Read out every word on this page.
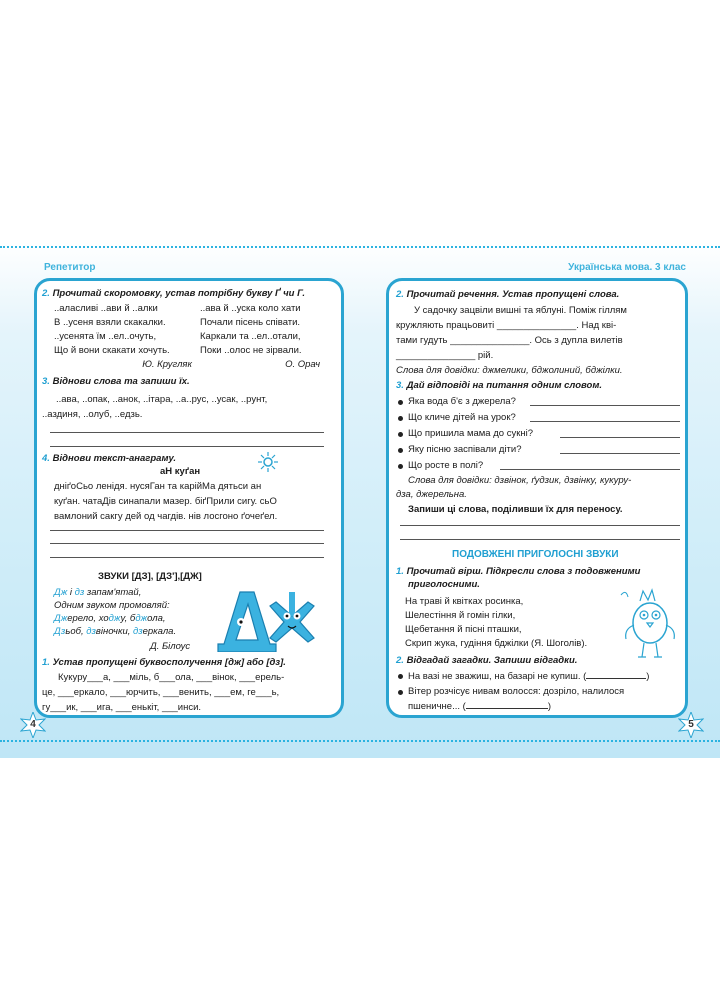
Репетитор	Українська мова. 3 клас
2. Прочитай скоромовку, устав потрібну букву Ґ чи Г.
..аласливі ..ави й ..алки
В ..усеня взяли скакалки.
..усенята їм ..ел..очуть,
Що й вони скакати хочуть.
Ю. Кругляк
..ава й ..уска коло хати
Почали пісень співати.
Каркали та ..ел..отали,
Поки ..олос не зірвали.
О. Орач
3. Віднови слова та запиши їх.
..ава, ..опак, ..анок, ..ітара, ..а..рус, ..усак, ..рунт,
..аздиня, ..олуб, ..едзь.
4. Віднови текст-анаграму.
аН куґан
дніґоСьо ленідя. нусяГан та карійМа дятьси ан
куґан. чатаДів синапали мазер. біґПрили сигу. сьО
вамлоний сакгу дей од чагдів. нів лосгоно ґочеґел.
ЗВУКИ [ДЗ], [ДЗ'],[ДЖ]
Дж і дз запам'ятай,
Одним звуком промовляй:
Джерело, ходжу, бджола,
Дзьоб, дзвіночки, дзеркала.
Д. Білоус
1. Устав пропущені буквосполучення [дж] або [дз].
Кукуру___а, ___міль, б___ола, ___вінок, ___ерель-
це, ___еркало, ___юрчить, ___венить, ___ем, ге___ь,
гу___ик, ___ига, ___енькіт, ___инси.
4
2. Прочитай речення. Устав пропущені слова.
У садочку зацвіли вишні та яблуні. Поміж гіллям
кружляють працьовиті _______________. Над кві-
тами гудуть _______________. Ось з дупла вилетів
_______________ рій.
Слова для довідки: джмелики, бджолиний, бджілки.
3. Дай відповіді на питання одним словом.
Яка вода б'є з джерела?
Що кличе дітей на урок?
Що пришила мама до сукні?
Яку пісню заспівали діти?
Що росте в полі?
Слова для довідки: дзвінок, ґудзик, дзвінку, кукуру-
дза, джерельна.
Запиши ці слова, поділивши їх для переносу.
ПОДОВЖЕНІ ПРИГОЛОСНІ ЗВУКИ
1. Прочитай вірш. Підкресли слова з подовженими
приголосними.
На траві й квітках росинка,
Шелестіння й гомін гілки,
Щебетання й пісні пташки,
Скрип жука, гудіння бджілки (Я. Шоголів).
2. Відгадай загадки. Запиши відгадки.
На вазі не зважиш, на базарі не купиш. (	)
Вітер розчісує нивам волосся: дозріло, налилося
пшеничне... (	)
5
